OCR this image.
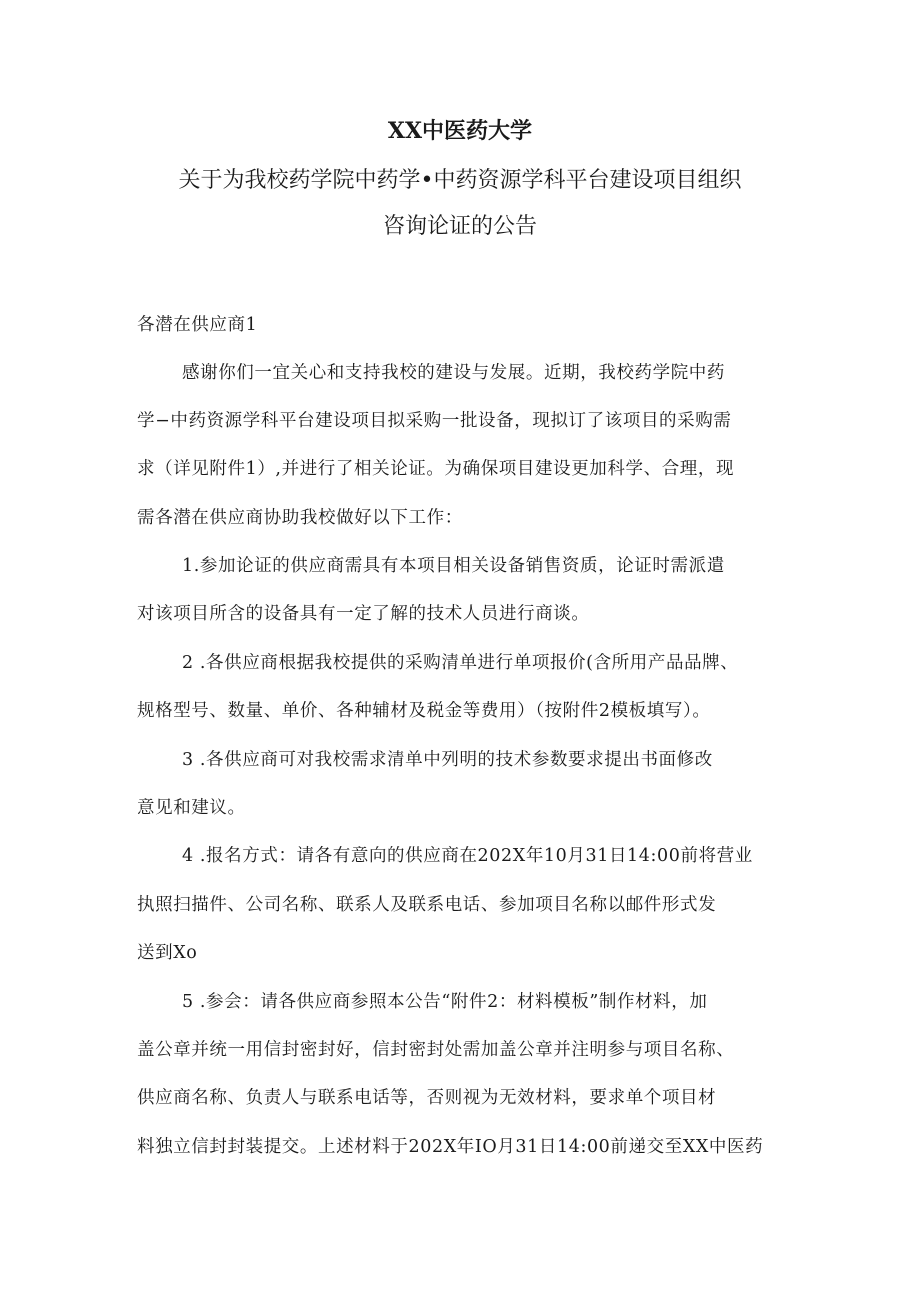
XX中医药大学
关于为我校药学院中药学•中药资源学科平台建设项目组织
咨询论证的公告
各潜在供应商1
感谢你们一宜关心和支持我校的建设与发展。近期，我校药学院中药
学−中药资源学科平台建设项目拟采购一批设备，现拟订了该项目的采购需
求（详见附件1）,并进行了相关论证。为确保项目建设更加科学、合理，现
需各潜在供应商协助我校做好以下工作：
1.参加论证的供应商需具有本项目相关设备销售资质，论证时需派遣
对该项目所含的设备具有一定了解的技术人员进行商谈。
2 .各供应商根据我校提供的采购清单进行单项报价(含所用产品品牌、
规格型号、数量、单价、各种辅材及税金等费用）（按附件2模板填写）。
3 .各供应商可对我校需求清单中列明的技术参数要求提出书面修改
意见和建议。
4 .报名方式：请各有意向的供应商在202X年10月31日14:00前将营业
执照扫描件、公司名称、联系人及联系电话、参加项目名称以邮件形式发
送到Xo
5 .参会：请各供应商参照本公告“附件2：材料模板”制作材料，加
盖公章并统一用信封密封好，信封密封处需加盖公章并注明参与项目名称、
供应商名称、负责人与联系电话等，否则视为无效材料，要求单个项目材
料独立信封封装提交。上述材料于202X年IO月31日14:00前递交至XX中医药
